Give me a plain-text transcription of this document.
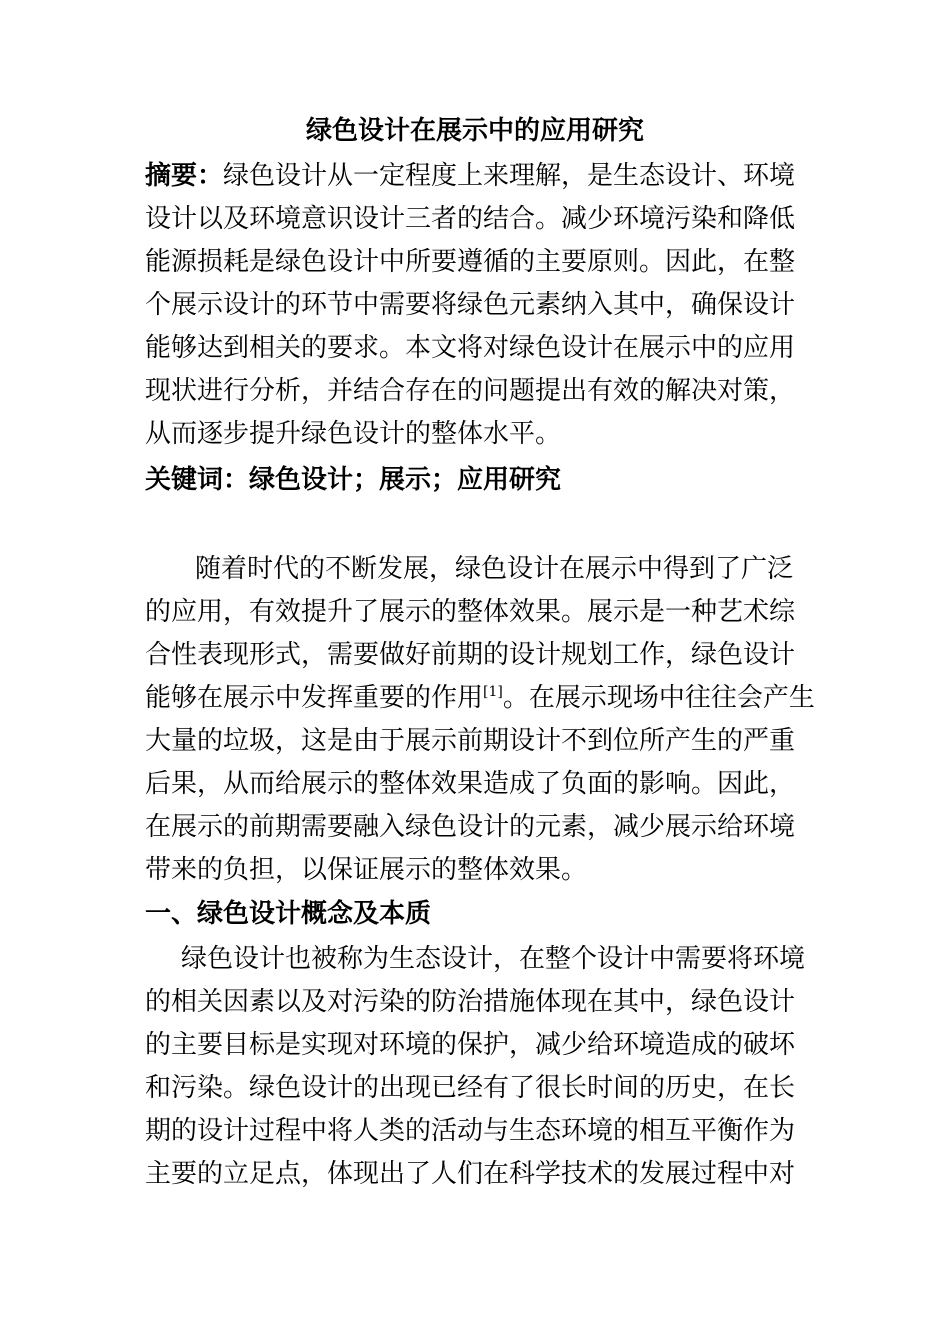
绿色设计在展示中的应用研究
摘要：绿色设计从一定程度上来理解，是生态设计、环境
设计以及环境意识设计三者的结合。减少环境污染和降低
能源损耗是绿色设计中所要遵循的主要原则。因此，在整
个展示设计的环节中需要将绿色元素纳入其中，确保设计
能够达到相关的要求。本文将对绿色设计在展示中的应用
现状进行分析，并结合存在的问题提出有效的解决对策，
从而逐步提升绿色设计的整体水平。
关键词：绿色设计；展示；应用研究
随着时代的不断发展，绿色设计在展示中得到了广泛
的应用，有效提升了展示的整体效果。展示是一种艺术综
合性表现形式，需要做好前期的设计规划工作，绿色设计
能够在展示中发挥重要的作用[1]。在展示现场中往往会产生
大量的垃圾，这是由于展示前期设计不到位所产生的严重
后果，从而给展示的整体效果造成了负面的影响。因此，
在展示的前期需要融入绿色设计的元素，减少展示给环境
带来的负担，以保证展示的整体效果。
一、绿色设计概念及本质
绿色设计也被称为生态设计，在整个设计中需要将环境
的相关因素以及对污染的防治措施体现在其中，绿色设计
的主要目标是实现对环境的保护，减少给环境造成的破坏
和污染。绿色设计的出现已经有了很长时间的历史，在长
期的设计过程中将人类的活动与生态环境的相互平衡作为
主要的立足点，体现出了人们在科学技术的发展过程中对
